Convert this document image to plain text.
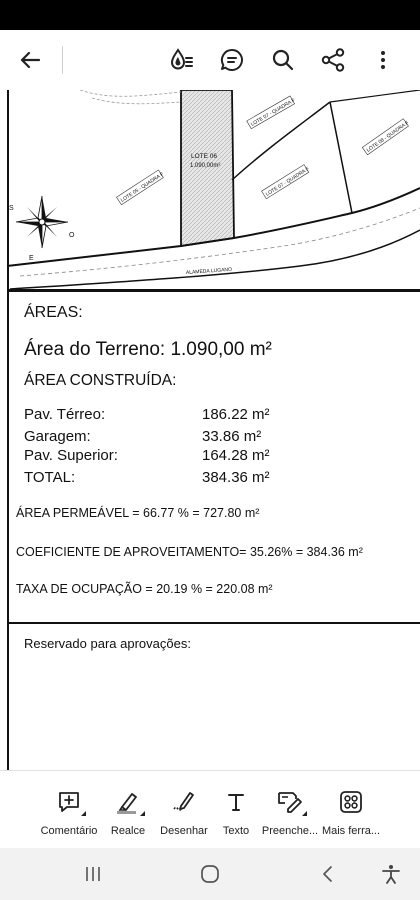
LOTE 06
1.090,00m²
LOTE 05 - QUADRA F
LOTE 07 - QUADRA F
LOTE 07 - QUADRA F
LOTE 08 - QUADRA F
ALAMEDA LUGANO
S
O
E
ÁREAS:
Área do Terreno: 1.090,00 m²
ÁREA CONSTRUÍDA:
Pav. Térreo:	186.22 m²
Garagem:	33.86 m²
Pav. Superior:	164.28 m²
TOTAL:	384.36 m²
ÁREA PERMEÁVEL = 66.77 % = 727.80 m²
COEFICIENTE DE APROVEITAMENTO= 35.26% = 384.36 m²
TAXA DE OCUPAÇÃO = 20.19 % = 220.08 m²
Reservado para aprovações:
Comentário Realce Desenhar Texto Preenche... Mais ferra...
